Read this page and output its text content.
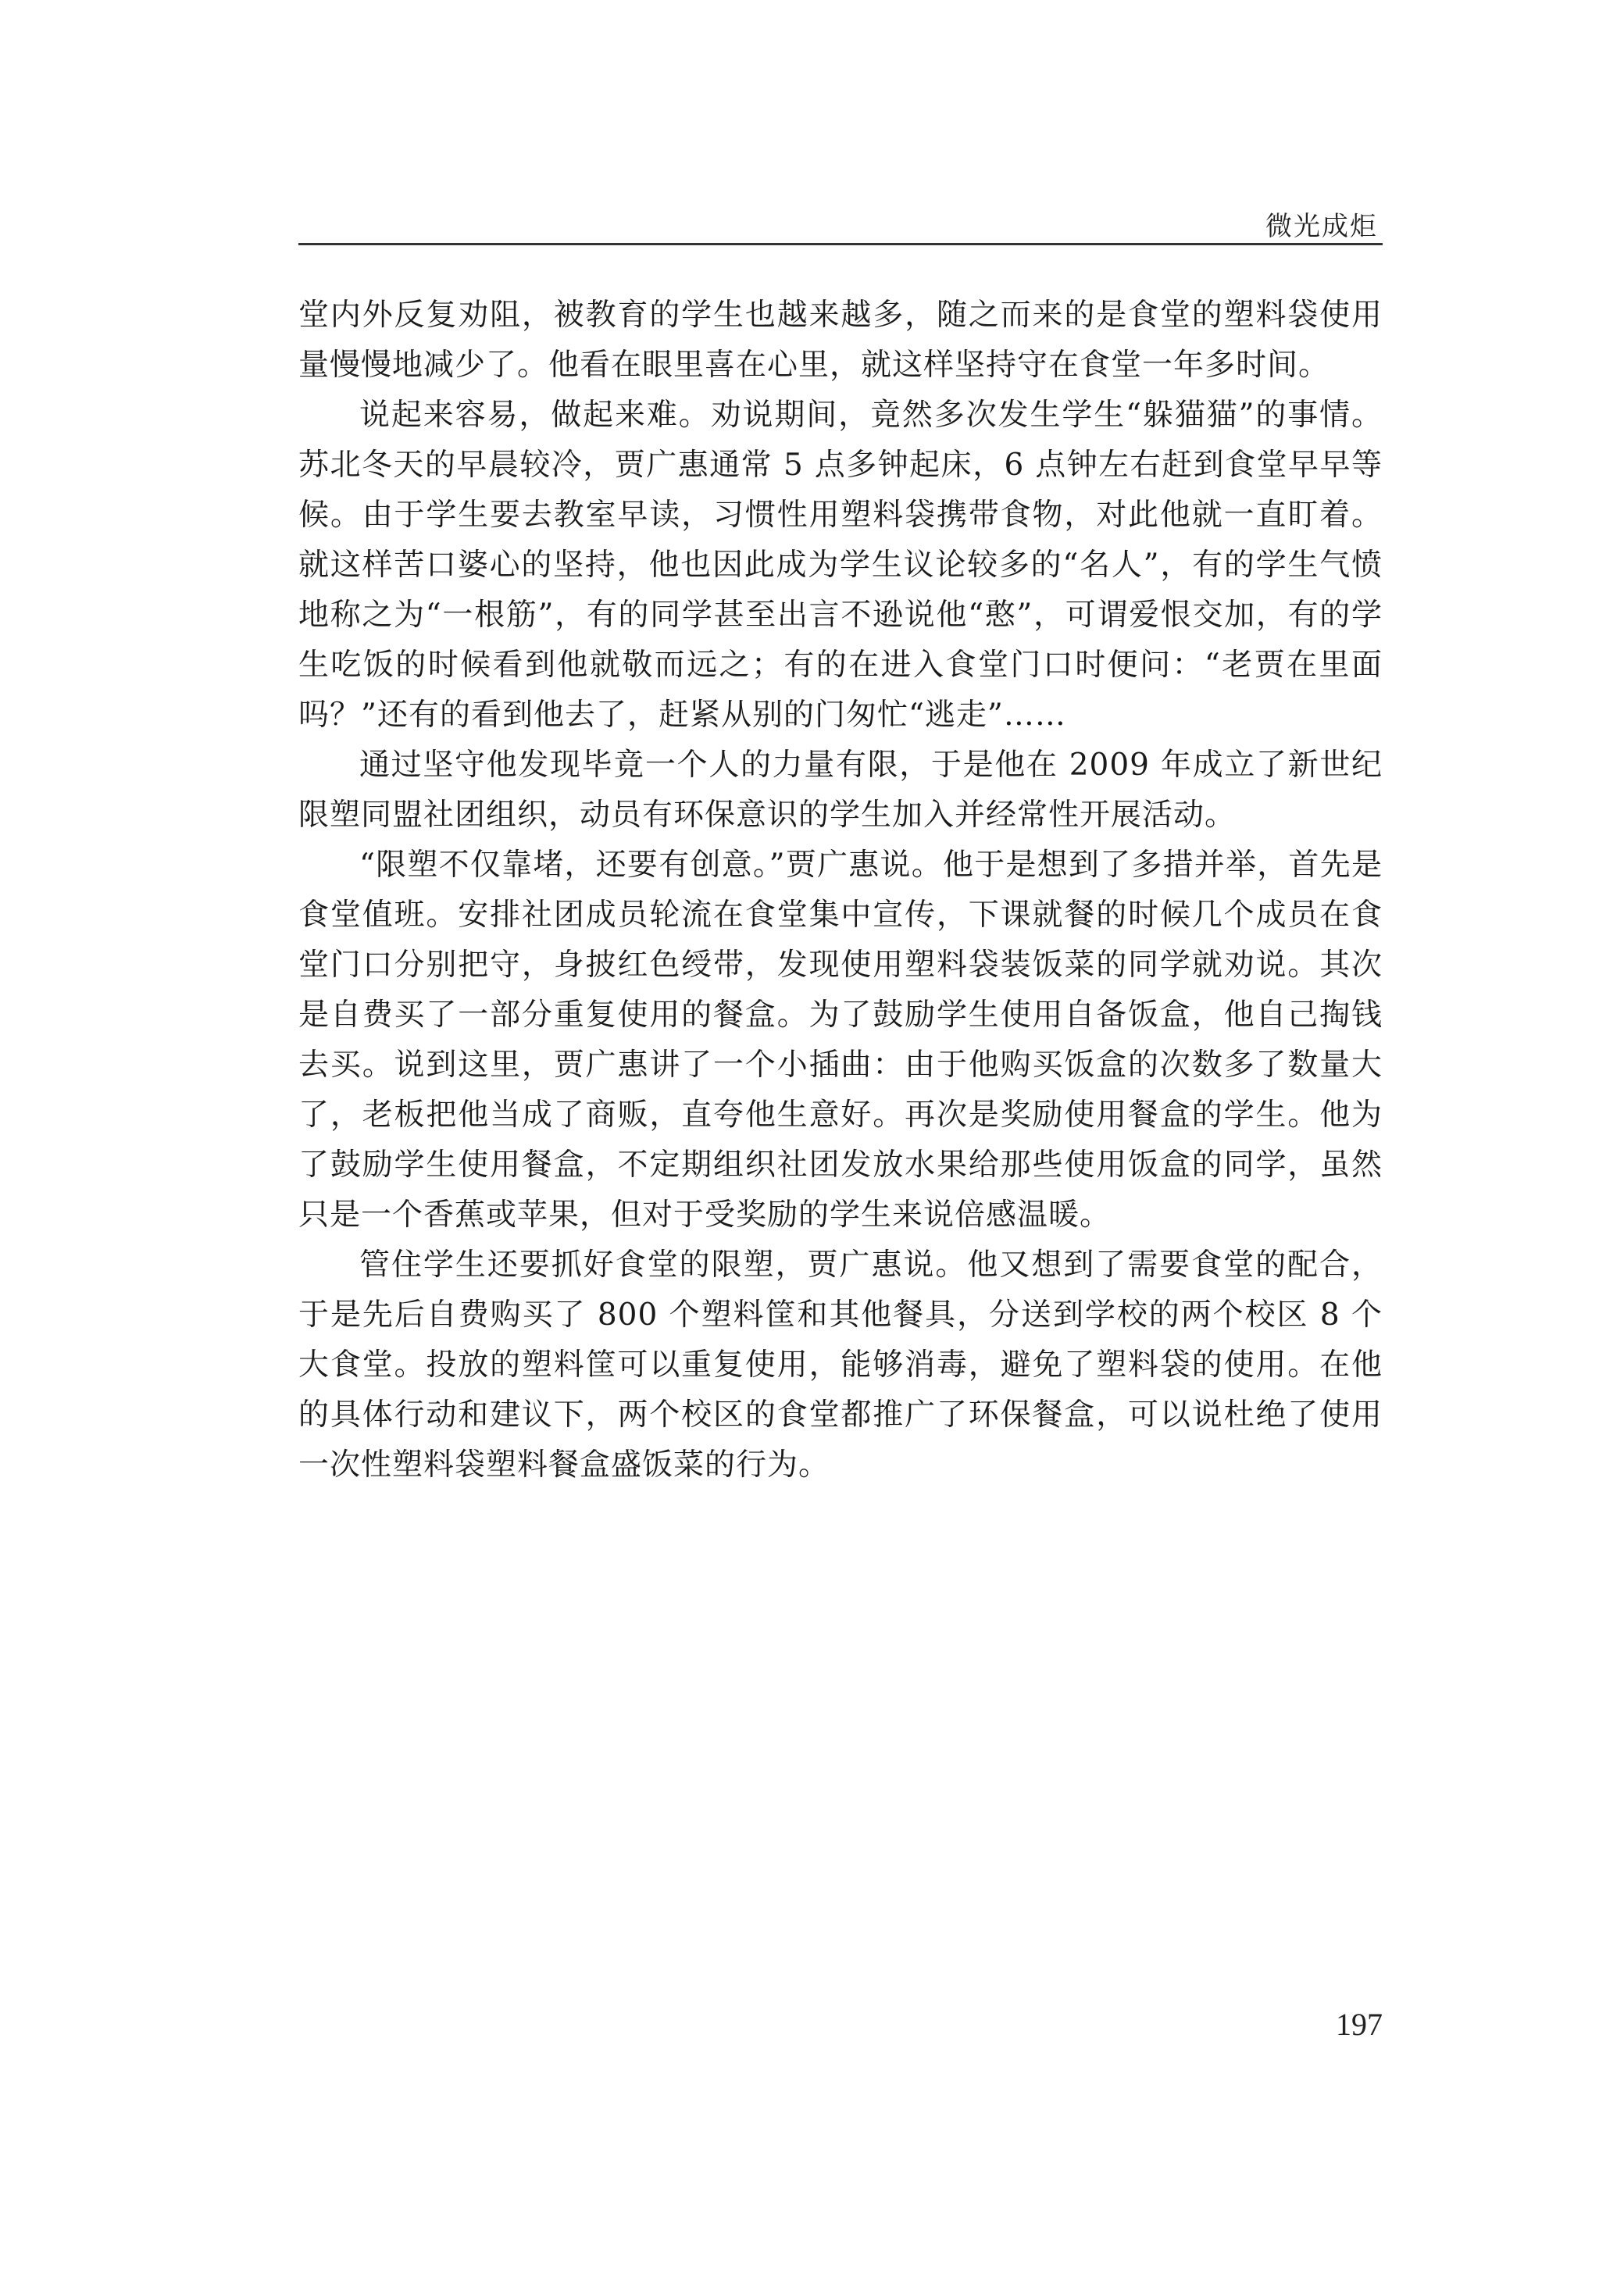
微光成炬

堂内外反复劝阻，被教育的学生也越来越多，随之而来的是食堂的塑料袋使用量慢慢地减少了。他看在眼里喜在心里，就这样坚持守在食堂一年多时间。

说起来容易，做起来难。劝说期间，竟然多次发生学生“躲猫猫”的事情。苏北冬天的早晨较冷，贾广惠通常 5 点多钟起床，6 点钟左右赶到食堂早早等候。由于学生要去教室早读，习惯性用塑料袋携带食物，对此他就一直盯着。就这样苦口婆心的坚持，他也因此成为学生议论较多的“名人”，有的学生气愤地称之为“一根筋”，有的同学甚至出言不逊说他“憨”，可谓爱恨交加，有的学生吃饭的时候看到他就敬而远之；有的在进入食堂门口时便问：“老贾在里面吗？”还有的看到他去了，赶紧从别的门匆忙“逃走”……

通过坚守他发现毕竟一个人的力量有限，于是他在 2009 年成立了新世纪限塑同盟社团组织，动员有环保意识的学生加入并经常性开展活动。

“限塑不仅靠堵，还要有创意。”贾广惠说。他于是想到了多措并举，首先是食堂值班。安排社团成员轮流在食堂集中宣传，下课就餐的时候几个成员在食堂门口分别把守，身披红色绶带，发现使用塑料袋装饭菜的同学就劝说。其次是自费买了一部分重复使用的餐盒。为了鼓励学生使用自备饭盒，他自己掏钱去买。说到这里，贾广惠讲了一个小插曲：由于他购买饭盒的次数多了数量大了，老板把他当成了商贩，直夸他生意好。再次是奖励使用餐盒的学生。他为了鼓励学生使用餐盒，不定期组织社团发放水果给那些使用饭盒的同学，虽然只是一个香蕉或苹果，但对于受奖励的学生来说倍感温暖。

管住学生还要抓好食堂的限塑，贾广惠说。他又想到了需要食堂的配合，于是先后自费购买了 800 个塑料筐和其他餐具，分送到学校的两个校区 8 个大食堂。投放的塑料筐可以重复使用，能够消毒，避免了塑料袋的使用。在他的具体行动和建议下，两个校区的食堂都推广了环保餐盒，可以说杜绝了使用一次性塑料袋塑料餐盒盛饭菜的行为。

197
